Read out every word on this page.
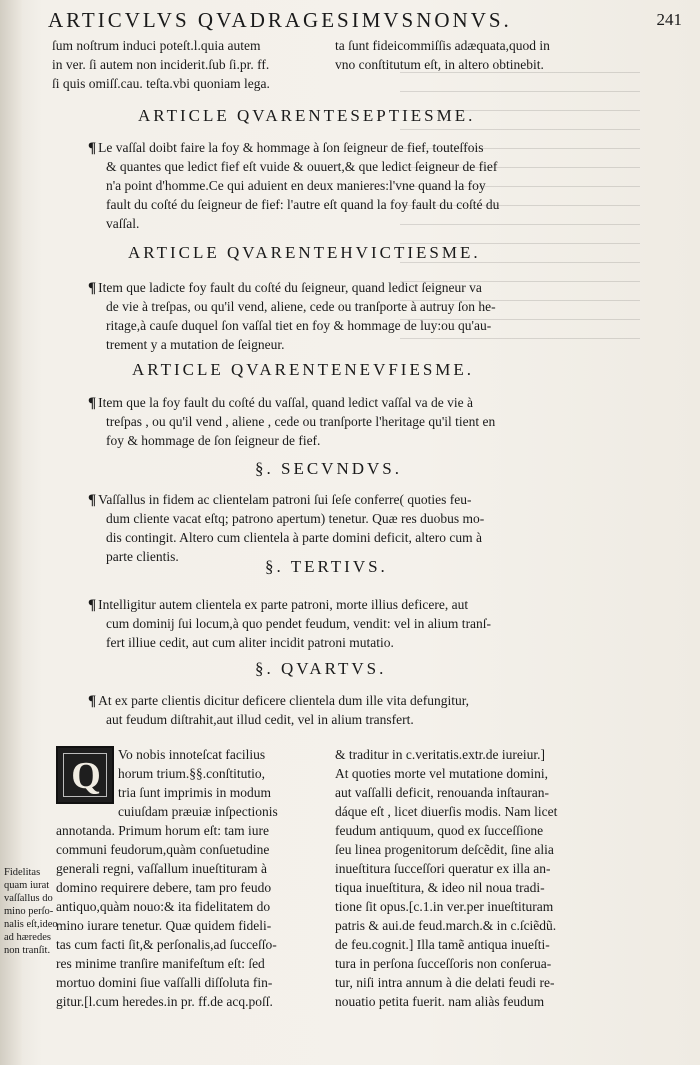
ARTICVLVS QVADRAGESIMVSNONVS.	241
ſum noſtrum induci poteſt.l.quia autem
in ver. ſi autem non inciderit.ſub ſi.pr. ff.
ſi quis omiſſ.cau. teſta.vbi quoniam lega.
ta ſunt fideicommiſſis adæquata,quod in
vno conſtitutum eſt, in altero obtinebit.
ARTICLE QVARENTESEPTIESME.
¶ Le vaſſal doibt faire la foy & hommage à ſon ſeigneur de fief, touteſfois
& quantes que ledict fief eſt vuide & ouuert,& que ledict ſeigneur de fief
n'a point d'homme.Ce qui aduient en deux manieres:l'vne quand la foy
fault du coſté du ſeigneur de fief: l'autre eſt quand la foy fault du coſté du
vaſſal.
ARTICLE QVARENTEHVICTIESME.
¶ Item que ladicte foy fault du coſté du ſeigneur, quand ledict ſeigneur va
de vie à treſpas, ou qu'il vend, aliene, cede ou tranſporte à autruy ſon he-
ritage,à cauſe duquel ſon vaſſal tiet en foy & hommage de luy:ou qu'au-
trement y a mutation de ſeigneur.
ARTICLE QVARENTENEVFIESME.
¶ Item que la foy fault du coſté du vaſſal, quand ledict vaſſal va de vie à
treſpas , ou qu'il vend , aliene , cede ou tranſporte l'heritage qu'il tient en
foy & hommage de ſon ſeigneur de fief.
§. SECVNDVS.
¶ Vaſſallus in fidem ac clientelam patroni ſui ſeſe conferre( quoties feu-
dum cliente vacat eſtq; patrono apertum) tenetur. Quæ res duobus mo-
dis contingit. Altero cum clientela à parte domini deficit, altero cum à
parte clientis.
§. TERTIVS.
¶ Intelligitur autem clientela ex parte patroni, morte illius deficere, aut
cum dominij ſui locum,à quo pendet feudum, vendit: vel in alium tranſ-
fert illiue cedit, aut cum aliter incidit patroni mutatio.
§. QVARTVS.
¶ At ex parte clientis dicitur deficere clientela dum ille vita defungitur,
aut feudum diſtrahit,aut illud cedit, vel in alium transfert.
Q
Vo nobis innoteſcat facilius
horum trium.§§.conſtitutio,
tria ſunt imprimis in modum
cuiuſdam præuiæ inſpectionis
annotanda. Primum horum eſt: tam iure
communi feudorum,quàm conſuetudine
generali regni, vaſſallum inueſtituram à
domino requirere debere, tam pro feudo
antiquo,quàm nouo:& ita fidelitatem do
mino iurare tenetur. Quæ quidem fideli-
tas cum facti ſit,& perſonalis,ad ſucceſſo-
res minime tranſire manifeſtum eſt: ſed
mortuo domini ſiue vaſſalli diſſoluta fin-
gitur.[l.cum heredes.in pr. ff.de acq.poſſ.
& traditur in c.veritatis.extr.de iureiur.]
At quoties morte vel mutatione domini,
aut vaſſalli deficit, renouanda inſtauran-
dáque eſt , licet diuerſis modis. Nam licet
feudum antiquum, quod ex ſucceſſione
ſeu linea progenitorum deſcẽdit, ſine alia
inueſtitura ſucceſſori queratur ex illa an-
tiqua inueſtitura, & ideo nil noua tradi-
tione ſit opus.[c.1.in ver.per inueſtituram
patris & aui.de feud.march.& in c.ſciẽdũ.
de feu.cognit.] Illa tamẽ antiqua inueſti-
tura in perſona ſucceſſoris non conſerua-
tur, niſi intra annum à die delati feudi re-
nouatio petita fuerit. nam aliàs feudum
Fidelitas
quam iurat
vaſſallus do
mino perſo-
nalis eſt,ideo
ad hæredes
non tranſit.
